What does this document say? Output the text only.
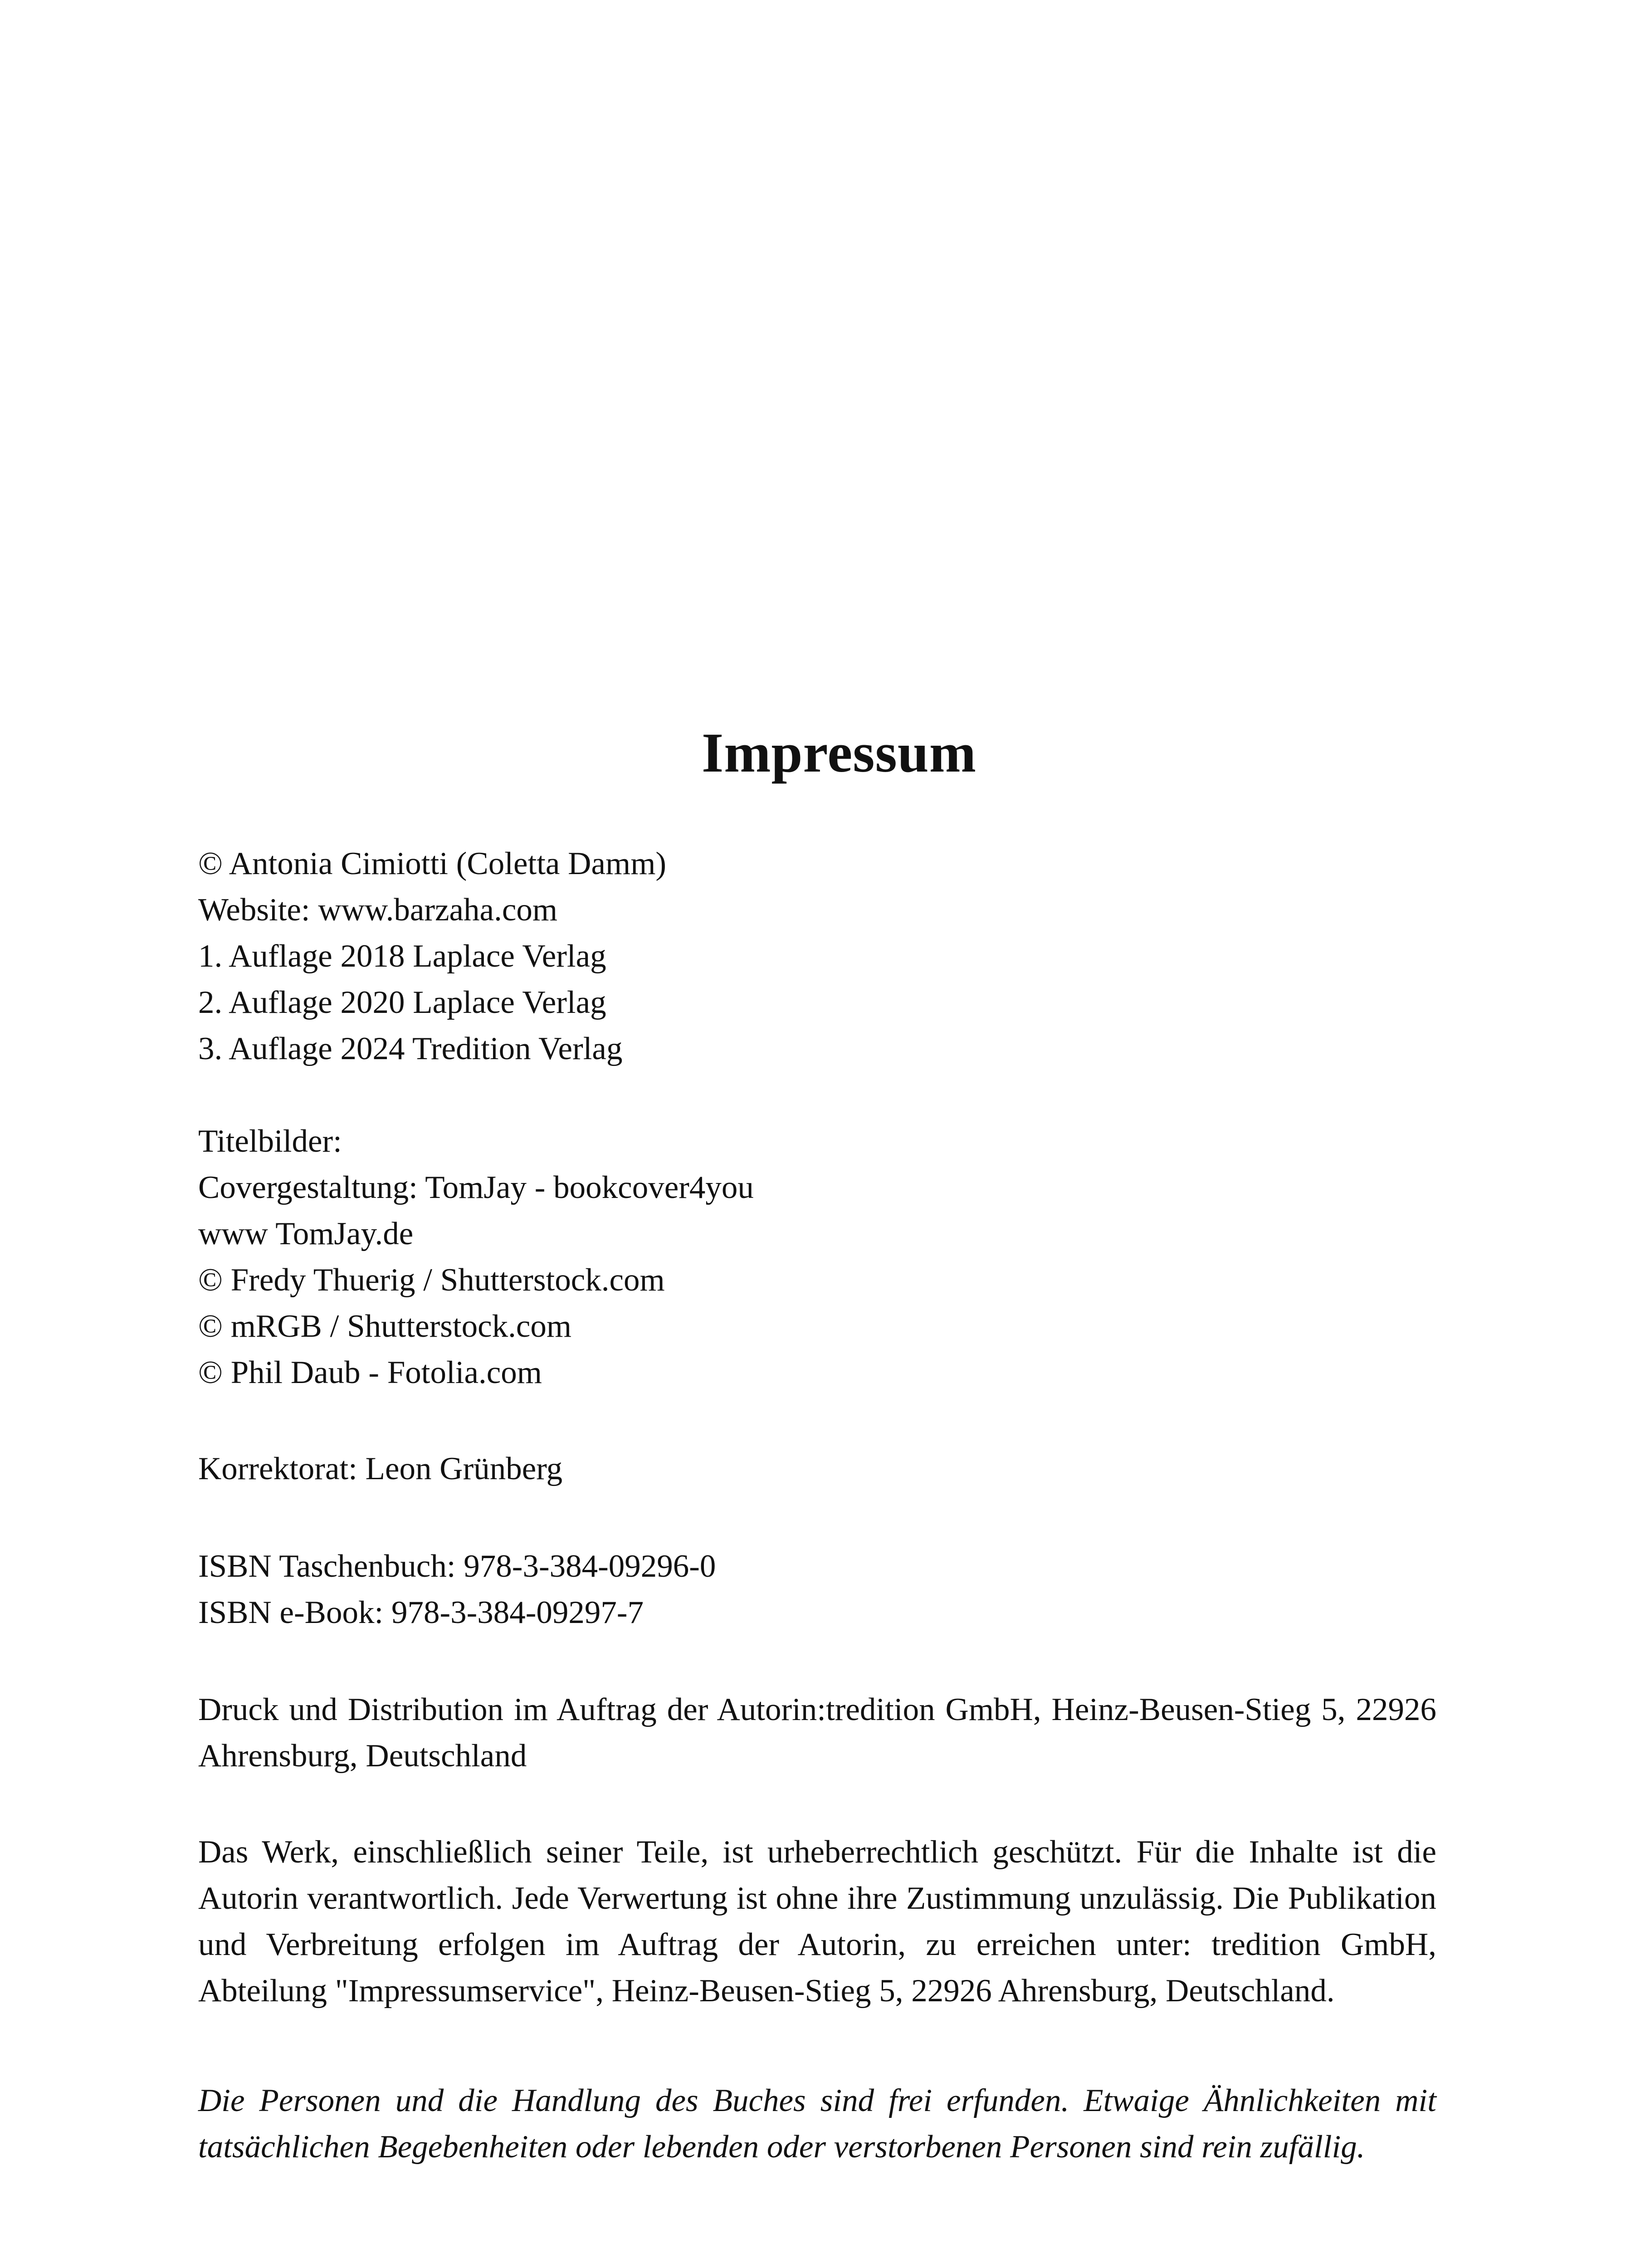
Impressum

© Antonia Cimiotti (Coletta Damm)

Website: www.barzaha.com

1. Auflage 2018 Laplace Verlag

2. Auflage 2020 Laplace Verlag

3. Auflage 2024 Tredition Verlag

Titelbilder:

Covergestaltung: TomJay - bookcover4you

www TomJay.de

© Fredy Thuerig / Shutterstock.com

© mRGB / Shutterstock.com

© Phil Daub - Fotolia.com

Korrektorat: Leon Grünberg

ISBN Taschenbuch: 978-3-384-09296-0

ISBN e-Book: 978-3-384-09297-7

Druck und Distribution im Auftrag der Autorin:tredition GmbH, Heinz-Beusen-Stieg 5, 22926 Ahrensburg, Deutschland

Das Werk, einschließlich seiner Teile, ist urheberrechtlich geschützt. Für die Inhalte ist die Autorin verantwortlich. Jede Verwertung ist ohne ihre Zustimmung unzulässig. Die Publikation und Verbreitung erfolgen im Auftrag der Autorin, zu erreichen unter: tredition GmbH, Abteilung "Impressumservice", Heinz-Beusen-Stieg 5, 22926 Ahrensburg, Deutschland.

Die Personen und die Handlung des Buches sind frei erfunden. Etwaige Ähnlichkeiten mit tatsächlichen Begebenheiten oder lebenden oder verstorbenen Personen sind rein zufällig.
